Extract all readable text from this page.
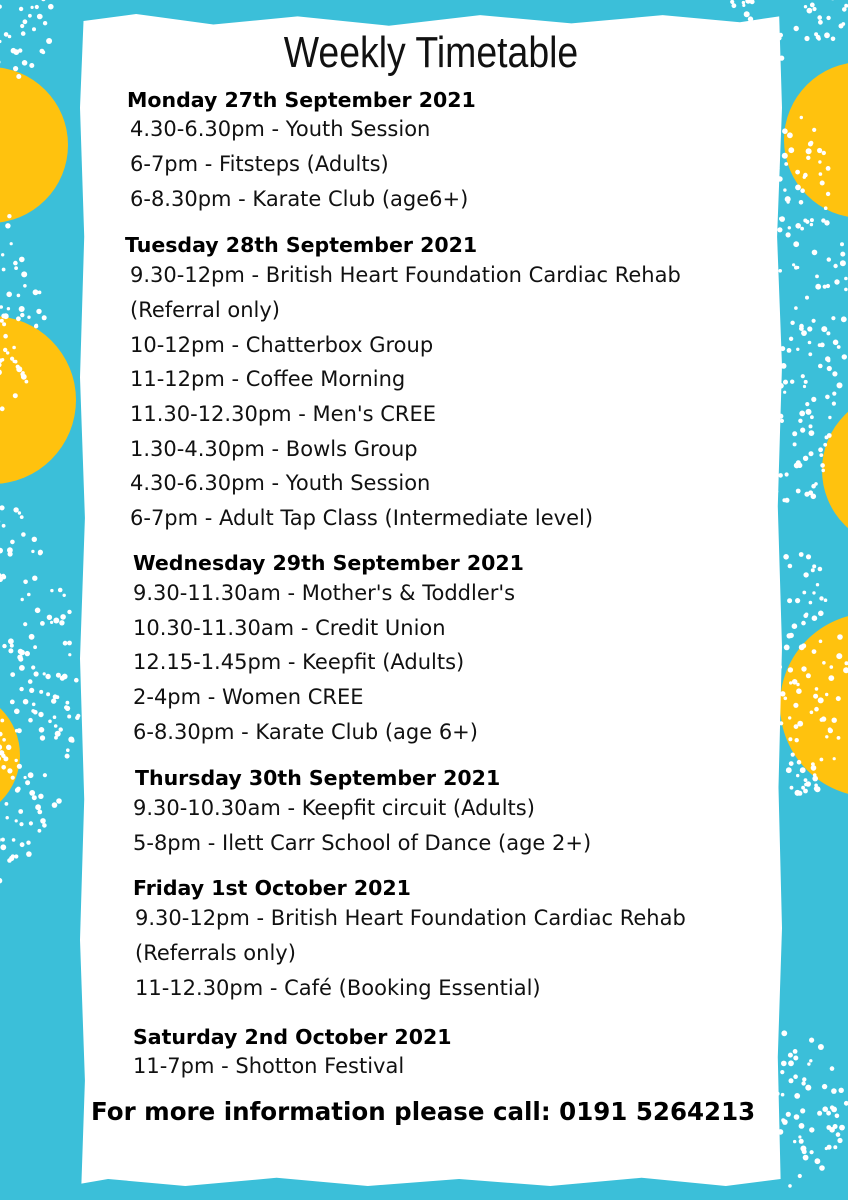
Weekly Timetable
Monday 27th September 2021
4.30-6.30pm - Youth Session
6-7pm - Fitsteps (Adults)
6-8.30pm - Karate Club (age6+)
Tuesday 28th September 2021
9.30-12pm - British Heart Foundation Cardiac Rehab
(Referral only)
10-12pm - Chatterbox Group
11-12pm - Coffee Morning
11.30-12.30pm - Men's CREE
1.30-4.30pm - Bowls Group
4.30-6.30pm - Youth Session
6-7pm - Adult Tap Class (Intermediate level)
Wednesday 29th September 2021
9.30-11.30am - Mother's & Toddler's
10.30-11.30am - Credit Union
12.15-1.45pm - Keepfit (Adults)
2-4pm - Women CREE
6-8.30pm - Karate Club (age 6+)
Thursday 30th September 2021
9.30-10.30am - Keepfit circuit (Adults)
5-8pm - Ilett Carr School of Dance (age 2+)
Friday 1st October 2021
9.30-12pm - British Heart Foundation Cardiac Rehab
(Referrals only)
11-12.30pm - Café (Booking Essential)
Saturday 2nd October 2021
11-7pm - Shotton Festival
For more information please call: 0191 5264213
